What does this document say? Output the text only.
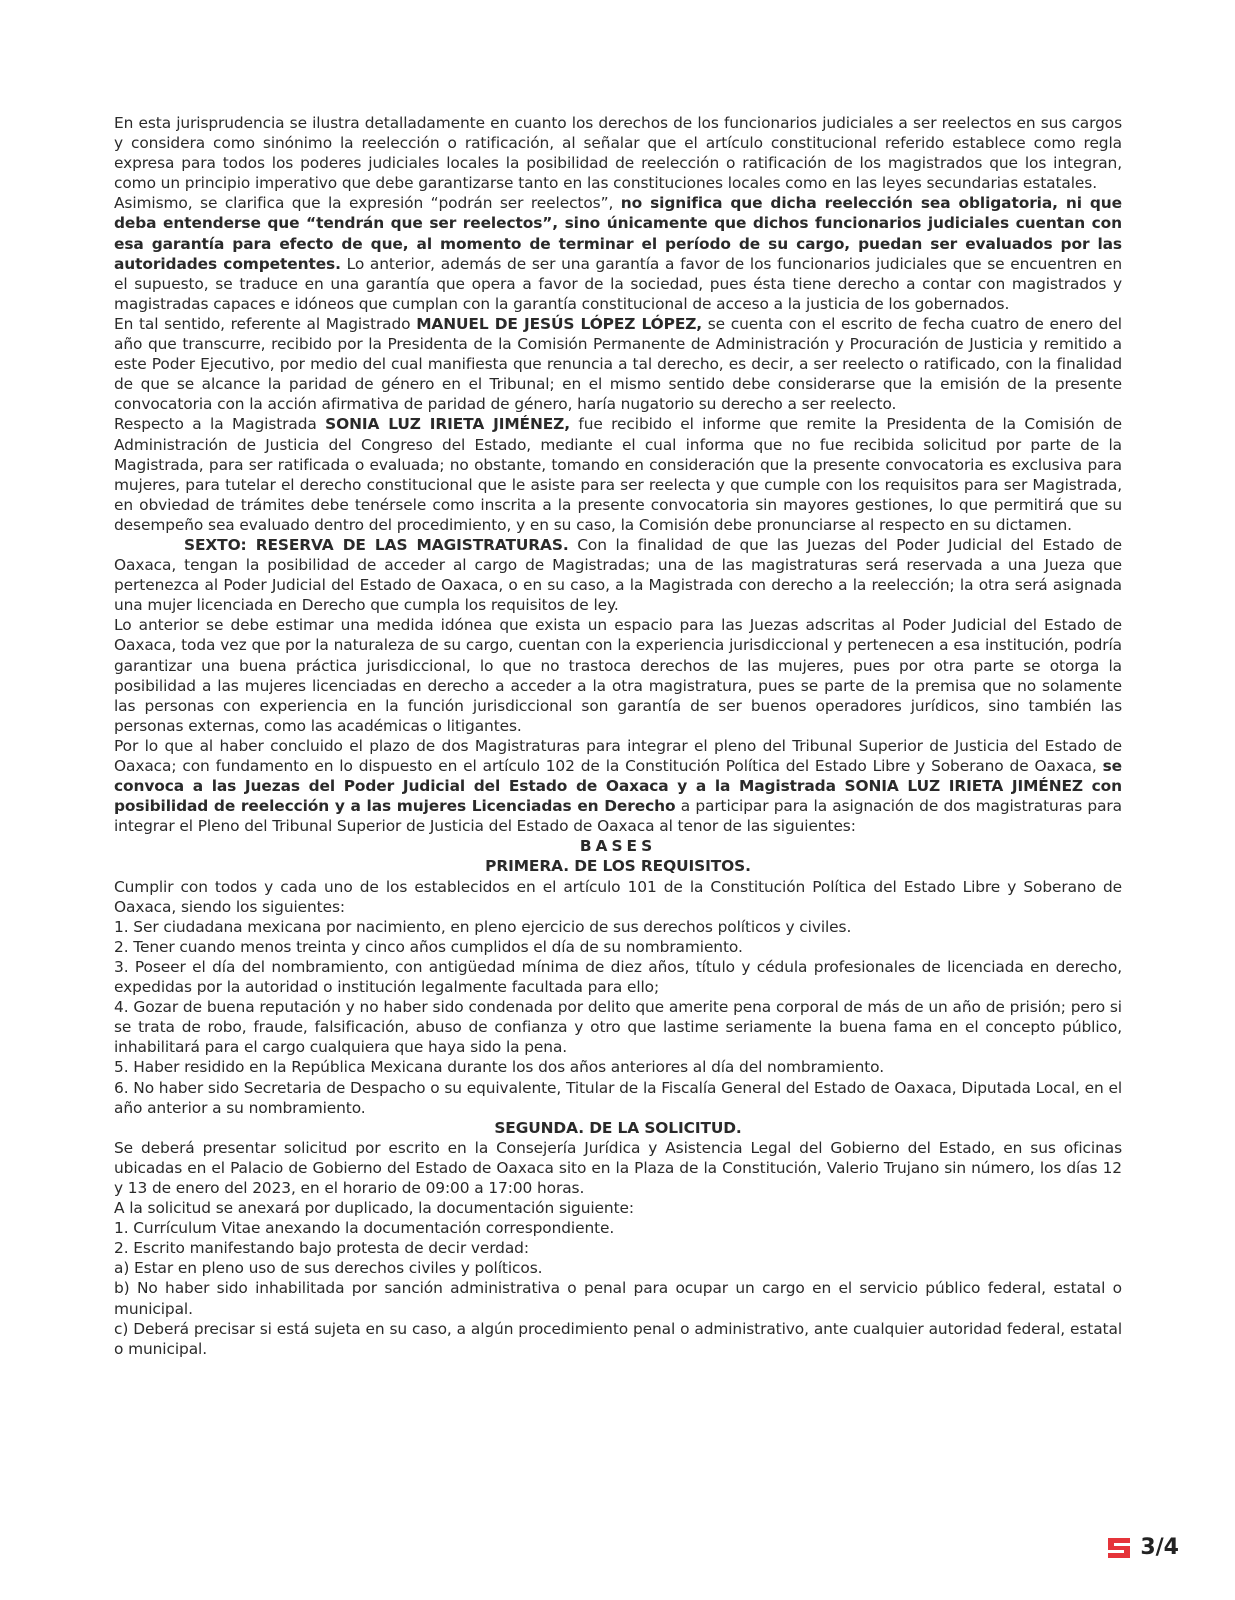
En esta jurisprudencia se ilustra detalladamente en cuanto los derechos de los funcionarios judiciales a ser reelectos en sus cargos y considera como sinónimo la reelección o ratificación, al señalar que el artículo constitucional referido establece como regla expresa para todos los poderes judiciales locales la posibilidad de reelección o ratificación de los magistrados que los integran, como un principio imperativo que debe garantizarse tanto en las constituciones locales como en las leyes secundarias estatales.

Asimismo, se clarifica que la expresión “podrán ser reelectos”, no significa que dicha reelección sea obligatoria, ni que deba entenderse que “tendrán que ser reelectos”, sino únicamente que dichos funcionarios judiciales cuentan con esa garantía para efecto de que, al momento de terminar el período de su cargo, puedan ser evaluados por las autoridades competentes. Lo anterior, además de ser una garantía a favor de los funcionarios judiciales que se encuentren en el supuesto, se traduce en una garantía que opera a favor de la sociedad, pues ésta tiene derecho a contar con magistrados y magistradas capaces e idóneos que cumplan con la garantía constitucional de acceso a la justicia de los gobernados.

En tal sentido, referente al Magistrado MANUEL DE JESÚS LÓPEZ LÓPEZ, se cuenta con el escrito de fecha cuatro de enero del año que transcurre, recibido por la Presidenta de la Comisión Permanente de Administración y Procuración de Justicia y remitido a este Poder Ejecutivo, por medio del cual manifiesta que renuncia a tal derecho, es decir, a ser reelecto o ratificado, con la finalidad de que se alcance la paridad de género en el Tribunal; en el mismo sentido debe considerarse que la emisión de la presente convocatoria con la acción afirmativa de paridad de género, haría nugatorio su derecho a ser reelecto.

Respecto a la Magistrada SONIA LUZ IRIETA JIMÉNEZ, fue recibido el informe que remite la Presidenta de la Comisión de Administración de Justicia del Congreso del Estado, mediante el cual informa que no fue recibida solicitud por parte de la Magistrada, para ser ratificada o evaluada; no obstante, tomando en consideración que la presente convocatoria es exclusiva para mujeres, para tutelar el derecho constitucional que le asiste para ser reelecta y que cumple con los requisitos para ser Magistrada, en obviedad de trámites debe tenérsele como inscrita a la presente convocatoria sin mayores gestiones, lo que permitirá que su desempeño sea evaluado dentro del procedimiento, y en su caso, la Comisión debe pronunciarse al respecto en su dictamen.

SEXTO: RESERVA DE LAS MAGISTRATURAS. Con la finalidad de que las Juezas del Poder Judicial del Estado de Oaxaca, tengan la posibilidad de acceder al cargo de Magistradas; una de las magistraturas será reservada a una Jueza que pertenezca al Poder Judicial del Estado de Oaxaca, o en su caso, a la Magistrada con derecho a la reelección; la otra será asignada una mujer licenciada en Derecho que cumpla los requisitos de ley.

Lo anterior se debe estimar una medida idónea que exista un espacio para las Juezas adscritas al Poder Judicial del Estado de Oaxaca, toda vez que por la naturaleza de su cargo, cuentan con la experiencia jurisdiccional y pertenecen a esa institución, podría garantizar una buena práctica jurisdiccional, lo que no trastoca derechos de las mujeres, pues por otra parte se otorga la posibilidad a las mujeres licenciadas en derecho a acceder a la otra magistratura, pues se parte de la premisa que no solamente las personas con experiencia en la función jurisdiccional son garantía de ser buenos operadores jurídicos, sino también las personas externas, como las académicas o litigantes.

Por lo que al haber concluido el plazo de dos Magistraturas para integrar el pleno del Tribunal Superior de Justicia del Estado de Oaxaca; con fundamento en lo dispuesto en el artículo 102 de la Constitución Política del Estado Libre y Soberano de Oaxaca, se convoca a las Juezas del Poder Judicial del Estado de Oaxaca y a la Magistrada SONIA LUZ IRIETA JIMÉNEZ con posibilidad de reelección y a las mujeres Licenciadas en Derecho a participar para la asignación de dos magistraturas para integrar el Pleno del Tribunal Superior de Justicia del Estado de Oaxaca al tenor de las siguientes:

BASES

PRIMERA. DE LOS REQUISITOS.

Cumplir con todos y cada uno de los establecidos en el artículo 101 de la Constitución Política del Estado Libre y Soberano de Oaxaca, siendo los siguientes:

1. Ser ciudadana mexicana por nacimiento, en pleno ejercicio de sus derechos políticos y civiles.

2. Tener cuando menos treinta y cinco años cumplidos el día de su nombramiento.

3. Poseer el día del nombramiento, con antigüedad mínima de diez años, título y cédula profesionales de licenciada en derecho, expedidas por la autoridad o institución legalmente facultada para ello;

4. Gozar de buena reputación y no haber sido condenada por delito que amerite pena corporal de más de un año de prisión; pero si se trata de robo, fraude, falsificación, abuso de confianza y otro que lastime seriamente la buena fama en el concepto público, inhabilitará para el cargo cualquiera que haya sido la pena.

5. Haber residido en la República Mexicana durante los dos años anteriores al día del nombramiento.

6. No haber sido Secretaria de Despacho o su equivalente, Titular de la Fiscalía General del Estado de Oaxaca, Diputada Local, en el año anterior a su nombramiento.

SEGUNDA. DE LA SOLICITUD.

Se deberá presentar solicitud por escrito en la Consejería Jurídica y Asistencia Legal del Gobierno del Estado, en sus oficinas ubicadas en el Palacio de Gobierno del Estado de Oaxaca sito en la Plaza de la Constitución, Valerio Trujano sin número, los días 12 y 13 de enero del 2023, en el horario de 09:00 a 17:00 horas.

A la solicitud se anexará por duplicado, la documentación siguiente:

1. Currículum Vitae anexando la documentación correspondiente.

2. Escrito manifestando bajo protesta de decir verdad:

a) Estar en pleno uso de sus derechos civiles y políticos.

b) No haber sido inhabilitada por sanción administrativa o penal para ocupar un cargo en el servicio público federal, estatal o municipal.

c) Deberá precisar si está sujeta en su caso, a algún procedimiento penal o administrativo, ante cualquier autoridad federal, estatal o municipal.

3/4
